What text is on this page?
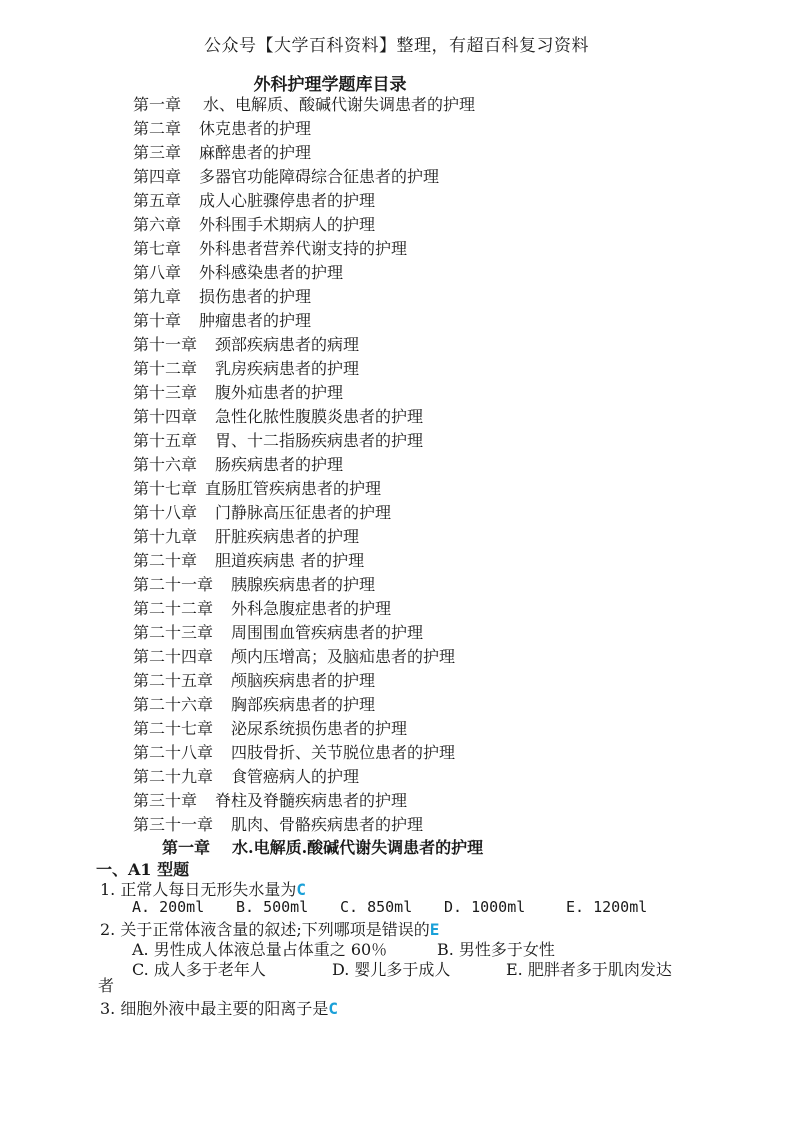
公众号【大学百科资料】整理，有超百科复习资料
外科护理学题库目录
第一章 水、电解质、酸碱代谢失调患者的护理
第二章 休克患者的护理
第三章 麻醉患者的护理
第四章 多器官功能障碍综合征患者的护理
第五章 成人心脏骤停患者的护理
第六章 外科围手术期病人的护理
第七章 外科患者营养代谢支持的护理
第八章 外科感染患者的护理
第九章 损伤患者的护理
第十章 肿瘤患者的护理
第十一章 颈部疾病患者的病理
第十二章 乳房疾病患者的护理
第十三章 腹外疝患者的护理
第十四章 急性化脓性腹膜炎患者的护理
第十五章 胃、十二指肠疾病患者的护理
第十六章 肠疾病患者的护理
第十七章 直肠肛管疾病患者的护理
第十八章 门静脉高压征患者的护理
第十九章 肝脏疾病患者的护理
第二十章 胆道疾病患 者的护理
第二十一章 胰腺疾病患者的护理
第二十二章 外科急腹症患者的护理
第二十三章 周围围血管疾病患者的护理
第二十四章 颅内压增高；及脑疝患者的护理
第二十五章 颅脑疾病患者的护理
第二十六章 胸部疾病患者的护理
第二十七章 泌尿系统损伤患者的护理
第二十八章 四肢骨折、关节脱位患者的护理
第二十九章 食管癌病人的护理
第三十章 脊柱及脊髓疾病患者的护理
第三十一章 肌肉、骨骼疾病患者的护理
第一章 水.电解质.酸碱代谢失调患者的护理
一、A1 型题
1. 正常人每日无形失水量为C
A. 200ml B. 500ml C. 850ml D. 1000ml	E. 1200ml
2. 关于正常体液含量的叙述;下列哪项是错误的E
A. 男性成人体液总量占体重之 60％	B. 男性多于女性
C. 成人多于老年人	D. 婴儿多于成人	E. 肥胖者多于肌肉发达
者
3. 细胞外液中最主要的阳离子是C
